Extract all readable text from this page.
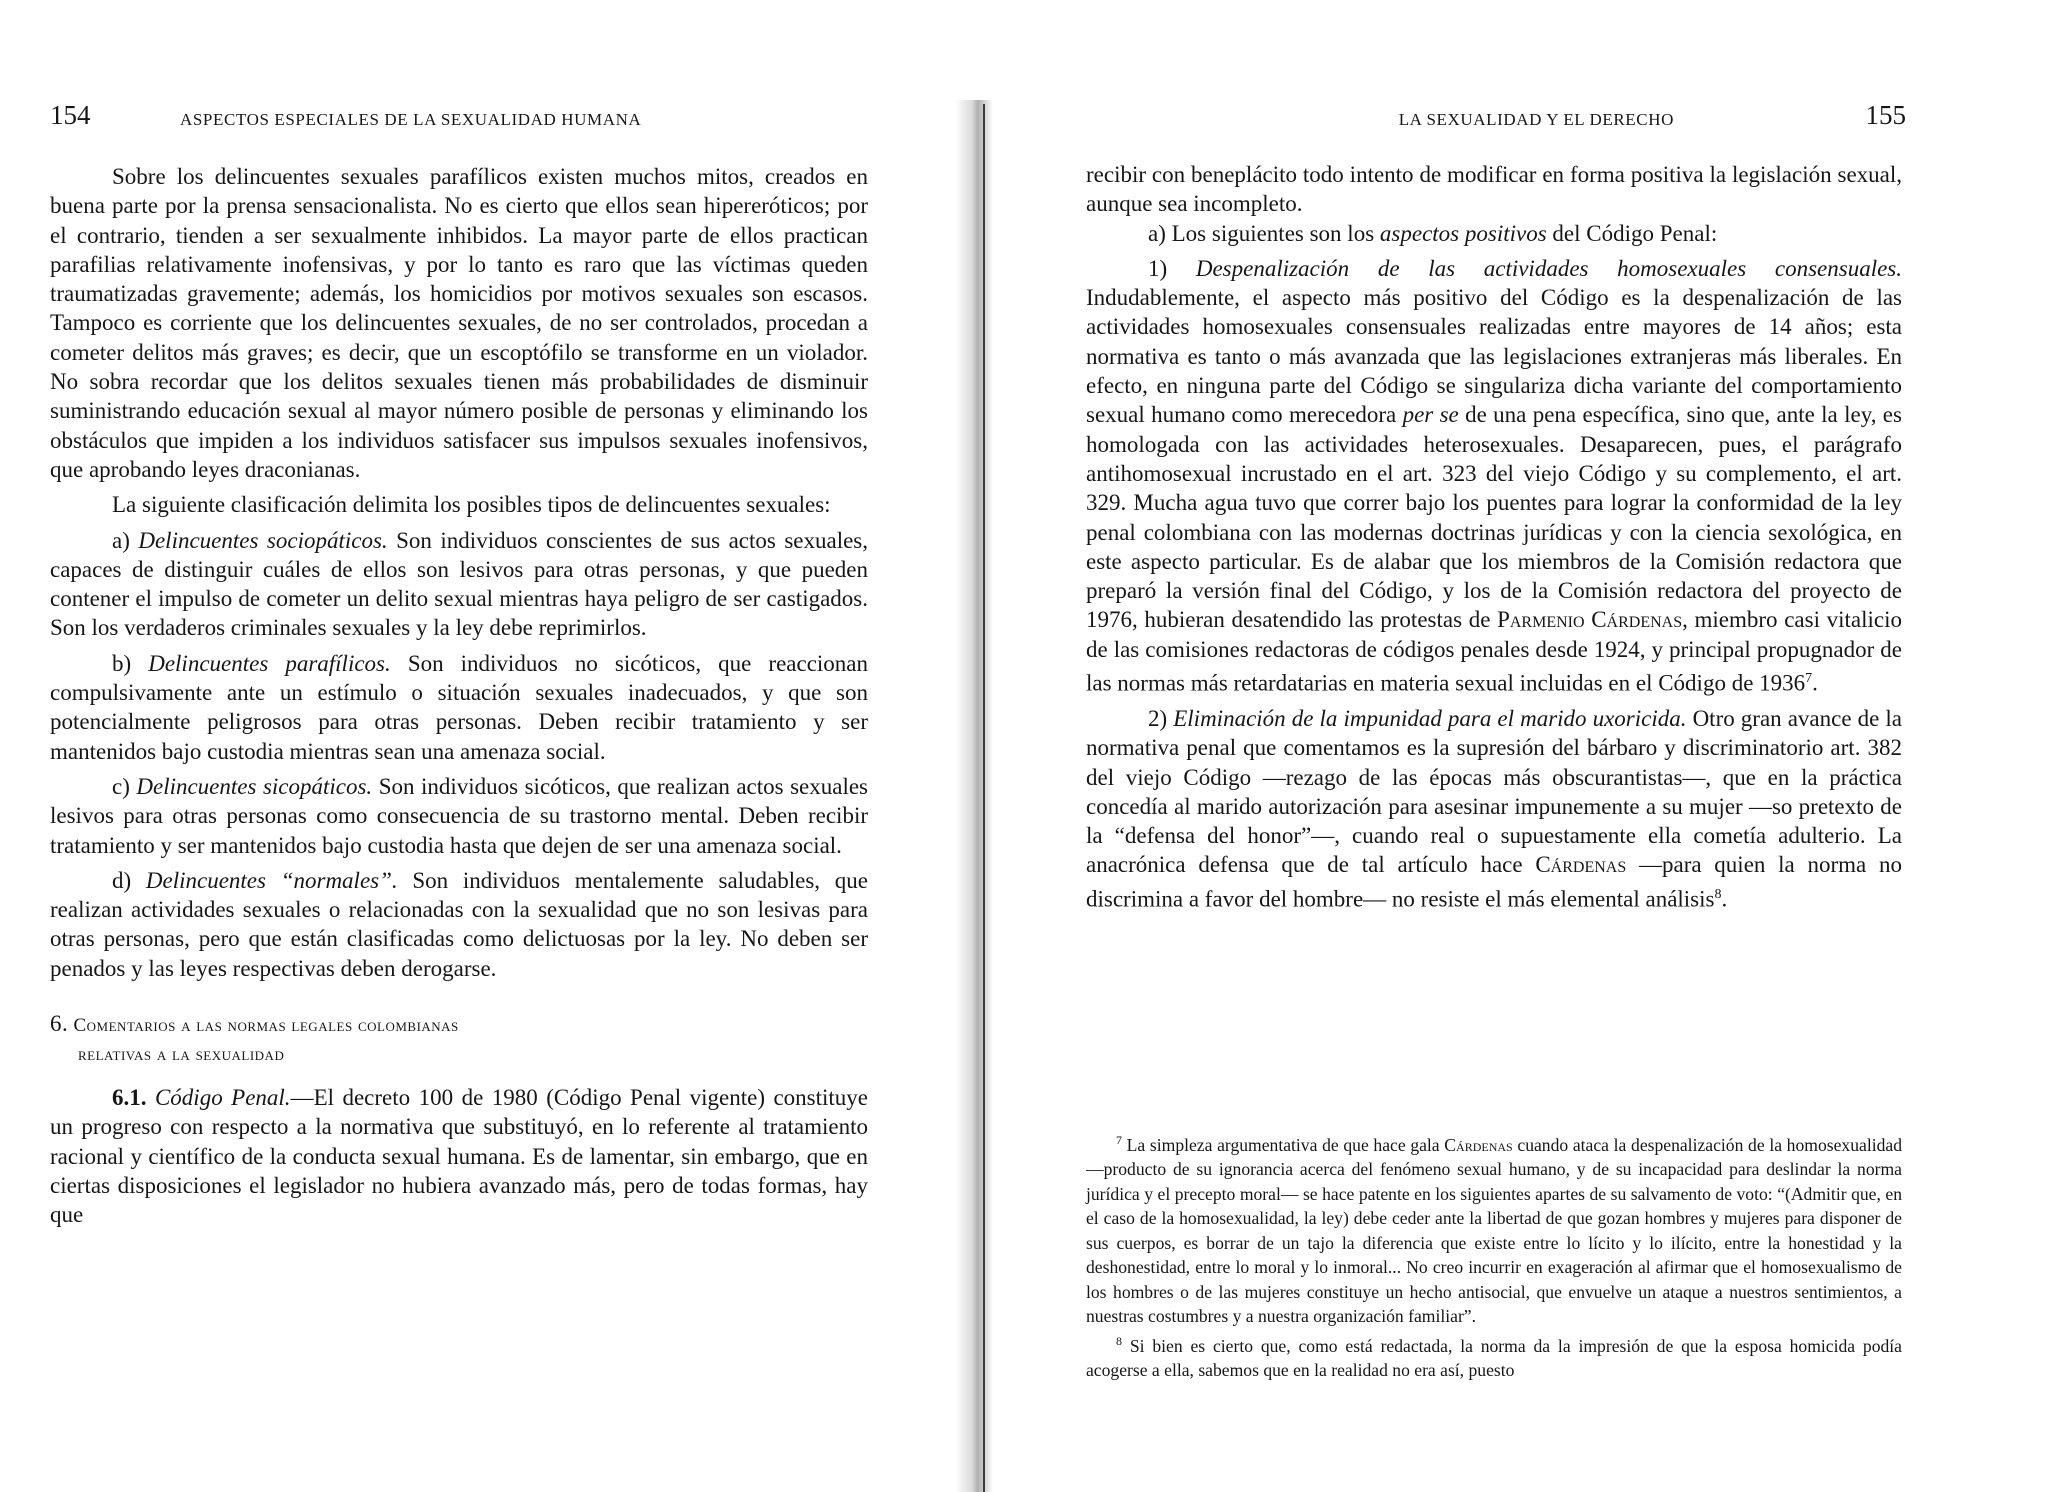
154	ASPECTOS ESPECIALES DE LA SEXUALIDAD HUMANA

Sobre los delincuentes sexuales parafílicos existen muchos mitos, creados en buena parte por la prensa sensacionalista. No es cierto que ellos sean hipereróticos; por el contrario, tienden a ser sexualmente inhibidos. La mayor parte de ellos practican parafilias relativamente inofensivas, y por lo tanto es raro que las víctimas queden traumatizadas gravemente; además, los homicidios por motivos sexuales son escasos. Tampoco es corriente que los delincuentes sexuales, de no ser controlados, procedan a cometer delitos más graves; es decir, que un escoptófilo se transforme en un violador. No sobra recordar que los delitos sexuales tienen más probabilidades de disminuir suministrando educación sexual al mayor número posible de personas y eliminando los obstáculos que impiden a los individuos satisfacer sus impulsos sexuales inofensivos, que aprobando leyes draconianas.

La siguiente clasificación delimita los posibles tipos de delincuentes sexuales:

a) Delincuentes sociopáticos. Son individuos conscientes de sus actos sexuales, capaces de distinguir cuáles de ellos son lesivos para otras personas, y que pueden contener el impulso de cometer un delito sexual mientras haya peligro de ser castigados. Son los verdaderos criminales sexuales y la ley debe reprimirlos.

b) Delincuentes parafílicos. Son individuos no sicóticos, que reaccionan compulsivamente ante un estímulo o situación sexuales inadecuados, y que son potencialmente peligrosos para otras personas. Deben recibir tratamiento y ser mantenidos bajo custodia mientras sean una amenaza social.

c) Delincuentes sicopáticos. Son individuos sicóticos, que realizan actos sexuales lesivos para otras personas como consecuencia de su trastorno mental. Deben recibir tratamiento y ser mantenidos bajo custodia hasta que dejen de ser una amenaza social.

d) Delincuentes “normales”. Son individuos mentalemente saludables, que realizan actividades sexuales o relacionadas con la sexualidad que no son lesivas para otras personas, pero que están clasificadas como delictuosas por la ley. No deben ser penados y las leyes respectivas deben derogarse.

6. Comentarios a las normas legales colombianas
relativas a la sexualidad

6.1. Código Penal.—El decreto 100 de 1980 (Código Penal vigente) constituye un progreso con respecto a la normativa que substituyó, en lo referente al tratamiento racional y científico de la conducta sexual humana. Es de lamentar, sin embargo, que en ciertas disposiciones el legislador no hubiera avanzado más, pero de todas formas, hay que

LA SEXUALIDAD Y EL DERECHO	155

recibir con beneplácito todo intento de modificar en forma positiva la legislación sexual, aunque sea incompleto.

a) Los siguientes son los aspectos positivos del Código Penal:

1) Despenalización de las actividades homosexuales consensuales. Indudablemente, el aspecto más positivo del Código es la despenalización de las actividades homosexuales consensuales realizadas entre mayores de 14 años; esta normativa es tanto o más avanzada que las legislaciones extranjeras más liberales. En efecto, en ninguna parte del Código se singulariza dicha variante del comportamiento sexual humano como merecedora per se de una pena específica, sino que, ante la ley, es homologada con las actividades heterosexuales. Desaparecen, pues, el parágrafo antihomosexual incrustado en el art. 323 del viejo Código y su complemento, el art. 329. Mucha agua tuvo que correr bajo los puentes para lograr la conformidad de la ley penal colombiana con las modernas doctrinas jurídicas y con la ciencia sexológica, en este aspecto particular. Es de alabar que los miembros de la Comisión redactora que preparó la versión final del Código, y los de la Comisión redactora del proyecto de 1976, hubieran desatendido las protestas de Parmenio Cárdenas, miembro casi vitalicio de las comisiones redactoras de códigos penales desde 1924, y principal propugnador de las normas más retardatarias en materia sexual incluidas en el Código de 1936$^7$.

2) Eliminación de la impunidad para el marido uxoricida. Otro gran avance de la normativa penal que comentamos es la supresión del bárbaro y discriminatorio art. 382 del viejo Código —rezago de las épocas más obscurantistas—, que en la práctica concedía al marido autorización para asesinar impunemente a su mujer —so pretexto de la “defensa del honor”—, cuando real o supuestamente ella cometía adulterio. La anacrónica defensa que de tal artículo hace Cárdenas —para quien la norma no discrimina a favor del hombre— no resiste el más elemental análisis$^8$.

$^7$ La simpleza argumentativa de que hace gala Cárdenas cuando ataca la despenalización de la homosexualidad —producto de su ignorancia acerca del fenómeno sexual humano, y de su incapacidad para deslindar la norma jurídica y el precepto moral— se hace patente en los siguientes apartes de su salvamento de voto: “(Admitir que, en el caso de la homosexualidad, la ley) debe ceder ante la libertad de que gozan hombres y mujeres para disponer de sus cuerpos, es borrar de un tajo la diferencia que existe entre lo lícito y lo ilícito, entre la honestidad y la deshonestidad, entre lo moral y lo inmoral... No creo incurrir en exageración al afirmar que el homosexualismo de los hombres o de las mujeres constituye un hecho antisocial, que envuelve un ataque a nuestros sentimientos, a nuestras costumbres y a nuestra organización familiar”.

$^8$ Si bien es cierto que, como está redactada, la norma da la impresión de que la esposa homicida podía acogerse a ella, sabemos que en la realidad no era así, puesto
